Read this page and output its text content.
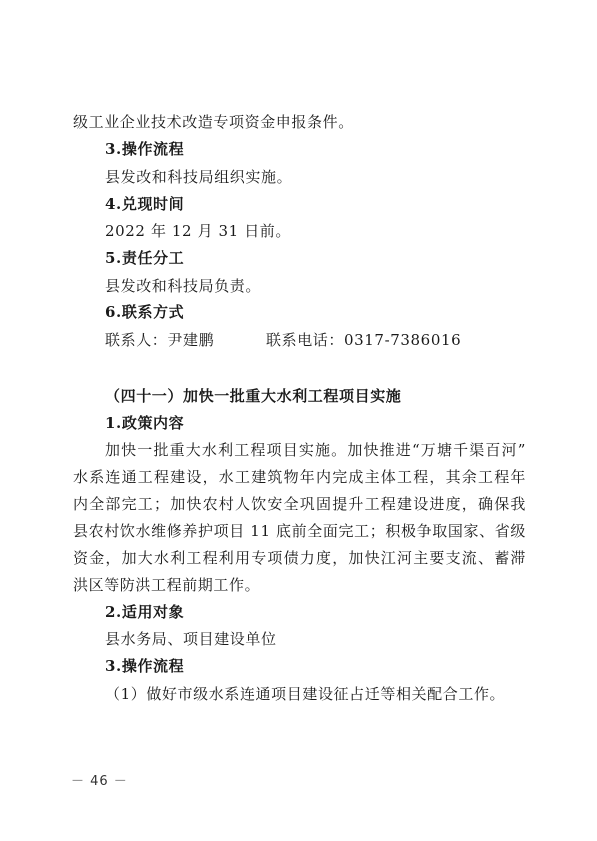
级工业企业技术改造专项资金申报条件。
3.操作流程
县发改和科技局组织实施。
4.兑现时间
2022 年 12 月 31 日前。
5.责任分工
县发改和科技局负责。
6.联系方式
联系人：尹建鹏	联系电话：0317-7386016
（四十一）加快一批重大水利工程项目实施
1.政策内容
加快一批重大水利工程项目实施。加快推进“万塘千渠百河”
水系连通工程建设，水工建筑物年内完成主体工程，其余工程年
内全部完工；加快农村人饮安全巩固提升工程建设进度，确保我
县农村饮水维修养护项目 11 底前全面完工；积极争取国家、省级
资金，加大水利工程利用专项债力度，加快江河主要支流、蓄滞
洪区等防洪工程前期工作。
2.适用对象
县水务局、项目建设单位
3.操作流程
（1）做好市级水系连通项目建设征占迁等相关配合工作。
－ 46 －
